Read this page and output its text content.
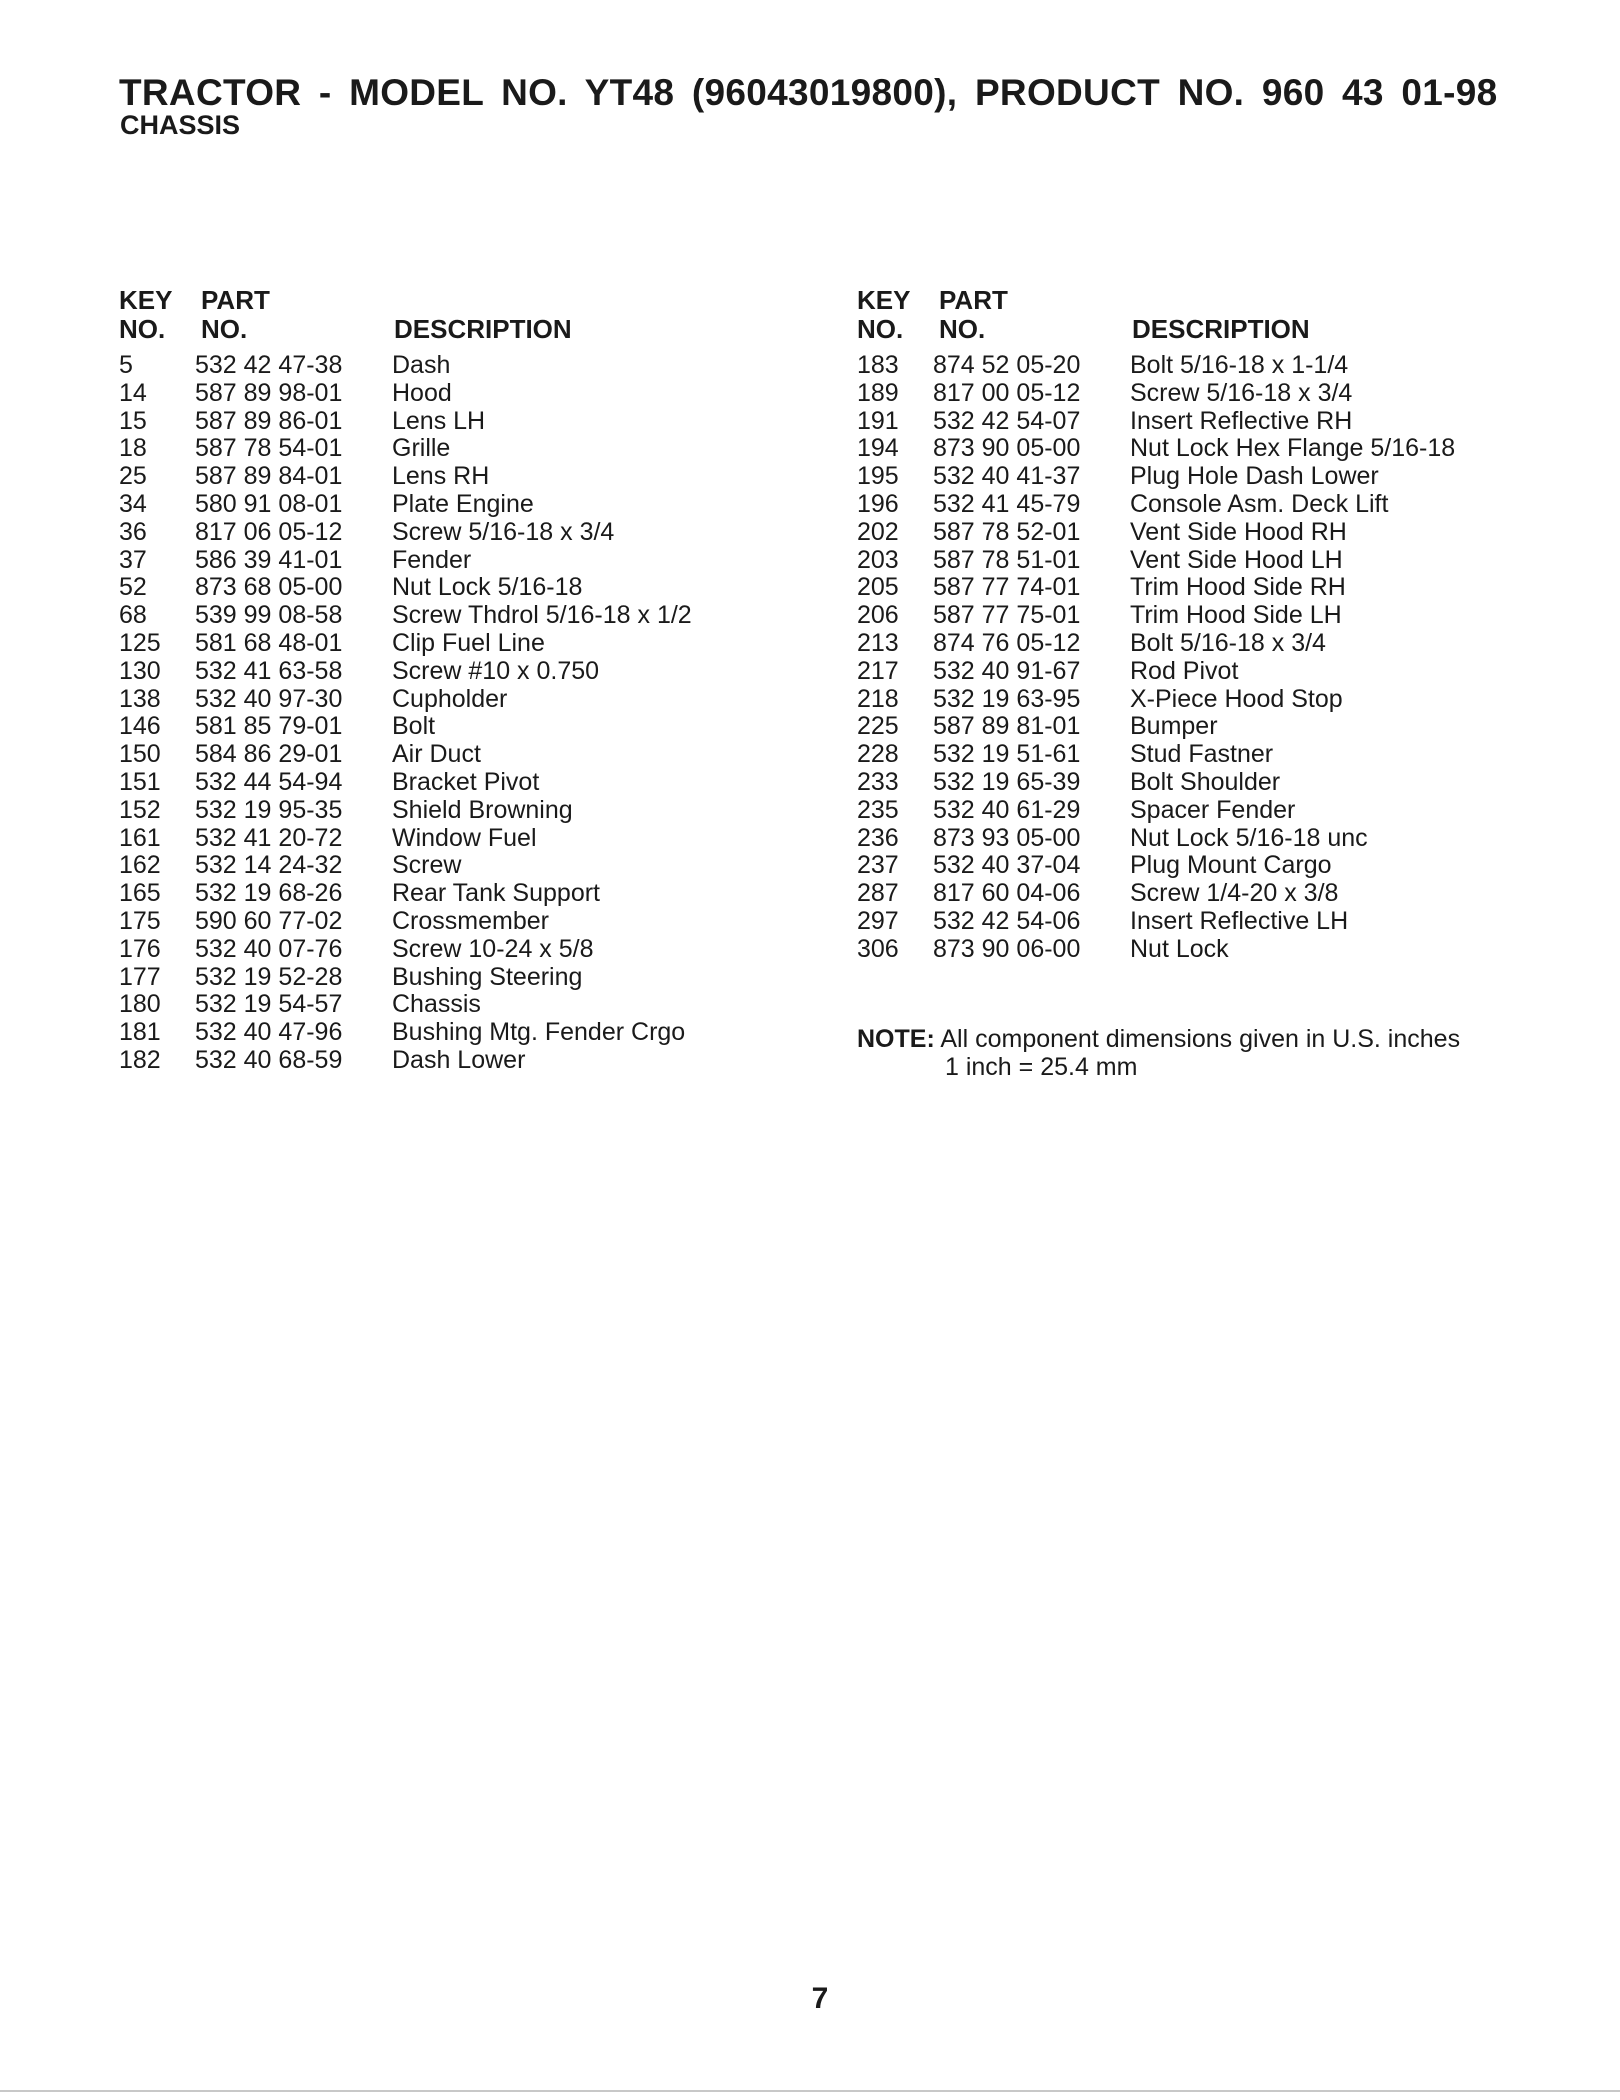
TRACTOR - MODEL NO. YT48 (96043019800), PRODUCT NO. 960 43 01-98
CHASSIS
KEY
NO.
PART
NO.	DESCRIPTION
5 532 42 47-38 Dash
14 587 89 98-01 Hood
15 587 89 86-01 Lens LH
18 587 78 54-01 Grille
25 587 89 84-01 Lens RH
34 580 91 08-01 Plate Engine
36 817 06 05-12 Screw 5/16-18 x 3/4
37 586 39 41-01 Fender
52 873 68 05-00 Nut Lock 5/16-18
68 539 99 08-58 Screw Thdrol 5/16-18 x 1/2
125 581 68 48-01 Clip Fuel Line
130 532 41 63-58 Screw #10 x 0.750
138 532 40 97-30 Cupholder
146 581 85 79-01 Bolt
150 584 86 29-01 Air Duct
151 532 44 54-94 Bracket Pivot
152 532 19 95-35 Shield Browning
161 532 41 20-72 Window Fuel
162 532 14 24-32 Screw
165 532 19 68-26 Rear Tank Support
175 590 60 77-02 Crossmember
176 532 40 07-76 Screw 10-24 x 5/8
177 532 19 52-28 Bushing Steering
180 532 19 54-57 Chassis
181 532 40 47-96 Bushing Mtg. Fender Crgo
182 532 40 68-59 Dash Lower
KEY
NO.
PART
NO.	DESCRIPTION
183 874 52 05-20 Bolt 5/16-18 x 1-1/4
189 817 00 05-12 Screw 5/16-18 x 3/4
191 532 42 54-07 Insert Reflective RH
194 873 90 05-00 Nut Lock Hex Flange 5/16-18
195 532 40 41-37 Plug Hole Dash Lower
196 532 41 45-79 Console Asm. Deck Lift
202 587 78 52-01 Vent Side Hood RH
203 587 78 51-01 Vent Side Hood LH
205 587 77 74-01 Trim Hood Side RH
206 587 77 75-01 Trim Hood Side LH
213 874 76 05-12 Bolt 5/16-18 x 3/4
217 532 40 91-67 Rod Pivot
218 532 19 63-95 X-Piece Hood Stop
225 587 89 81-01 Bumper
228 532 19 51-61 Stud Fastner
233 532 19 65-39 Bolt Shoulder
235 532 40 61-29 Spacer Fender
236 873 93 05-00 Nut Lock 5/16-18 unc
237 532 40 37-04 Plug Mount Cargo
287 817 60 04-06 Screw 1/4-20 x 3/8
297 532 42 54-06 Insert Reflective LH
306 873 90 06-00 Nut Lock
NOTE: All component dimensions given in U.S. inches
1 inch = 25.4 mm
7
